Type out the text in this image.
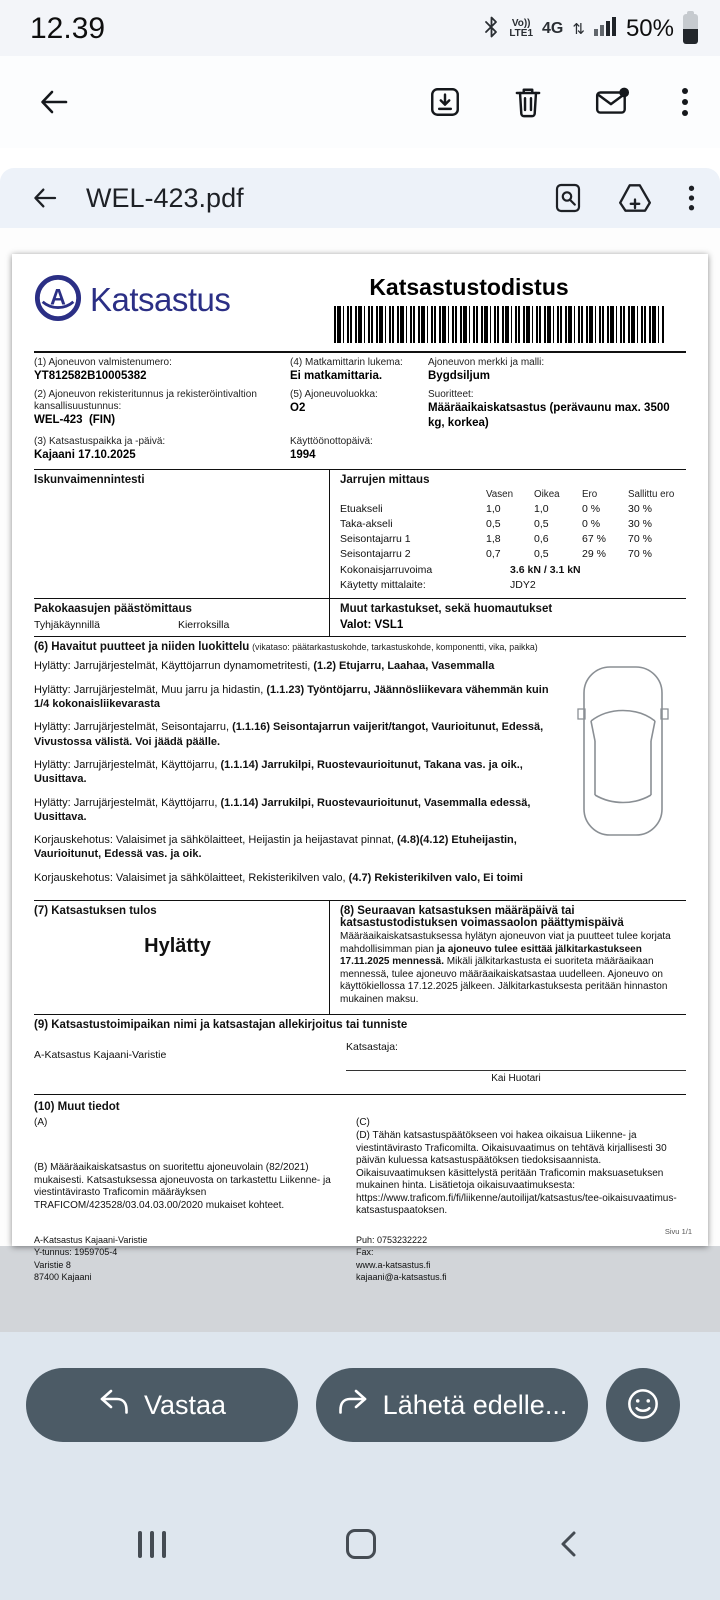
12.39	Vo))
LTE1 4G ⇅ 50%
WEL-423.pdf
A Katsastus	Katsastustodistus
(1) Ajoneuvon valmistenumero:
YT812582B10005382
(4) Matkamittarin lukema:
Ei matkamittaria.
Ajoneuvon merkki ja malli:
Bygdsiljum
(2) Ajoneuvon rekisteritunnus ja rekisteröintivaltion kansallisuustunnus:
WEL-423  (FIN)
(5) Ajoneuvoluokka:
O2
Suoritteet:
Määräaikaiskatsastus (perävaunu max. 3500 kg, korkea)
(3) Katsastuspaikka ja -päivä:
Kajaani 17.10.2025
Käyttöönottopäivä:
1994
Iskunvaimennintesti	Jarrujen mittaus
Vasen	Oikea	Ero	Sallittu ero
Etuakseli	1,0	1,0	0 %	30 %
Taka-akseli	0,5	0,5	0 %	30 %
Seisontajarru 1	1,8	0,6	67 %	70 %
Seisontajarru 2	0,7	0,5	29 %	70 %
Kokonaisjarruvoima	3.6 kN / 3.1 kN
Käytetty mittalaite:	JDY2
Pakokaasujen päästömittaus
Tyhjäkäynnillä	Kierroksilla
Muut tarkastukset, sekä huomautukset
Valot: VSL1
(6) Havaitut puutteet ja niiden luokittelu (vikataso: päätarkastuskohde, tarkastuskohde, komponentti, vika, paikka)

Hylätty: Jarrujärjestelmät, Käyttöjarrun dynamometritesti, (1.2) Etujarru, Laahaa, Vasemmalla

Hylätty: Jarrujärjestelmät, Muu jarru ja hidastin, (1.1.23) Työntöjarru, Jäännösliikevara vähemmän kuin 1/4 kokonaisliikevarasta

Hylätty: Jarrujärjestelmät, Seisontajarru, (1.1.16) Seisontajarrun vaijerit/tangot, Vaurioitunut, Edessä, Vivustossa välistä. Voi jäädä päälle.

Hylätty: Jarrujärjestelmät, Käyttöjarru, (1.1.14) Jarrukilpi, Ruostevaurioitunut, Takana vas. ja oik., Uusittava.

Hylätty: Jarrujärjestelmät, Käyttöjarru, (1.1.14) Jarrukilpi, Ruostevaurioitunut, Vasemmalla edessä, Uusittava.

Korjauskehotus: Valaisimet ja sähkölaitteet, Heijastin ja heijastavat pinnat, (4.8)(4.12) Etuheijastin, Vaurioitunut, Edessä vas. ja oik.

Korjauskehotus: Valaisimet ja sähkölaitteet, Rekisterikilven valo, (4.7) Rekisterikilven valo, Ei toimi

(7) Katsastuksen tulos
Hylätty
(8) Seuraavan katsastuksen määräpäivä tai katsastustodistuksen voimassaolon päättymispäivä

Määräaikaiskatsastuksessa hylätyn ajoneuvon viat ja puutteet tulee korjata mahdollisimman pian ja ajoneuvo tulee esittää jälkitarkastukseen 17.11.2025 mennessä. Mikäli jälkitarkastusta ei suoriteta määräaikaan mennessä, tulee ajoneuvo määräaikaiskatsastaa uudelleen. Ajoneuvo on käyttökiellossa 17.12.2025 jälkeen. Jälkitarkastuksesta peritään hinnaston mukainen maksu.

(9) Katsastustoimipaikan nimi ja katsastajan allekirjoitus tai tunniste
A-Katsastus Kajaani-Varistie
Katsastaja:
Kai Huotari
(10) Muut tiedot
(A)

(B) Määräaikaiskatsastus on suoritettu ajoneuvolain (82/2021) mukaisesti. Katsastuksessa ajoneuvosta on tarkastettu Liikenne- ja viestintävirasto Traficomin määräyksen TRAFICOM/423528/03.04.03.00/2020 mukaiset kohteet.

(C)

(D) Tähän katsastuspäätökseen voi hakea oikaisua Liikenne- ja viestintävirasto Traficomilta. Oikaisuvaatimus on tehtävä kirjallisesti 30 päivän kuluessa katsastuspäätöksen tiedoksisaannista. Oikaisuvaatimuksen käsittelystä peritään Traficomin maksuasetuksen mukainen hinta. Lisätietoja oikaisuvaatimuksesta: https://www.traficom.fi/fi/liikenne/autoilijat/katsastus/tee-oikaisuvaatimus-katsastuspaatoksen.

A-Katsastus Kajaani-Varistie
Y-tunnus: 1959705-4
Varistie 8
87400 Kajaani
Puh: 0753232222
Fax:
www.a-katsastus.fi
kajaani@a-katsastus.fi
Sivu 1/1
Vastaa	Lähetä edelle...
